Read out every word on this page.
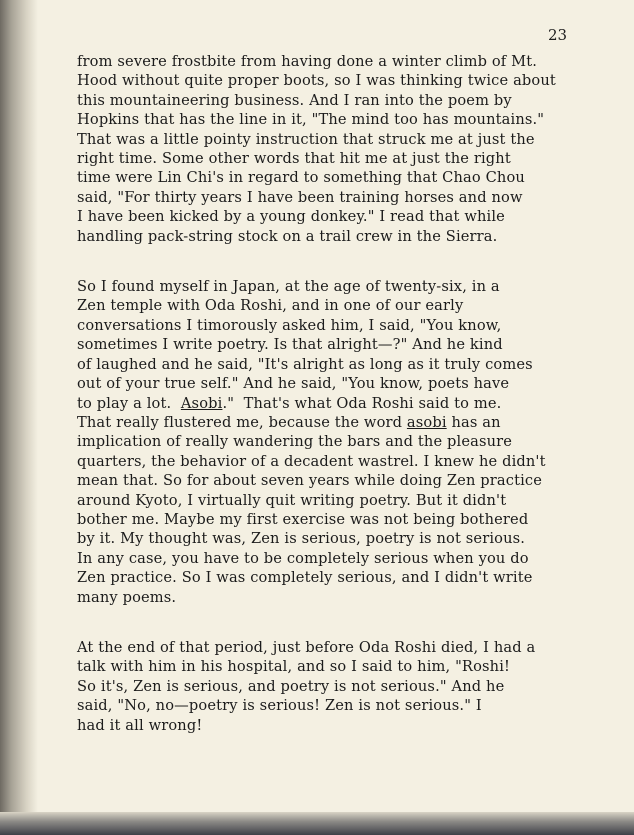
23
from severe frostbite from having done a winter climb of Mt.
Hood without quite proper boots, so I was thinking twice about
this mountaineering business. And I ran into the poem by
Hopkins that has the line in it, "The mind too has mountains."
That was a little pointy instruction that struck me at just the
right time. Some other words that hit me at just the right
time were Lin Chi's in regard to something that Chao Chou
said, "For thirty years I have been training horses and now
I have been kicked by a young donkey." I read that while
handling pack-string stock on a trail crew in the Sierra.
So I found myself in Japan, at the age of twenty-six, in a
Zen temple with Oda Roshi, and in one of our early
conversations I timorously asked him, I said, "You know,
sometimes I write poetry. Is that alright—?" And he kind
of laughed and he said, "It's alright as long as it truly comes
out of your true self." And he said, "You know, poets have
to play a lot.  Asobi."  That's what Oda Roshi said to me.
That really flustered me, because the word asobi has an
implication of really wandering the bars and the pleasure
quarters, the behavior of a decadent wastrel. I knew he didn't
mean that. So for about seven years while doing Zen practice
around Kyoto, I virtually quit writing poetry. But it didn't
bother me. Maybe my first exercise was not being bothered
by it. My thought was, Zen is serious, poetry is not serious.
In any case, you have to be completely serious when you do
Zen practice. So I was completely serious, and I didn't write
many poems.
At the end of that period, just before Oda Roshi died, I had a
talk with him in his hospital, and so I said to him, "Roshi!
So it's, Zen is serious, and poetry is not serious." And he
said, "No, no—poetry is serious! Zen is not serious." I
had it all wrong!
